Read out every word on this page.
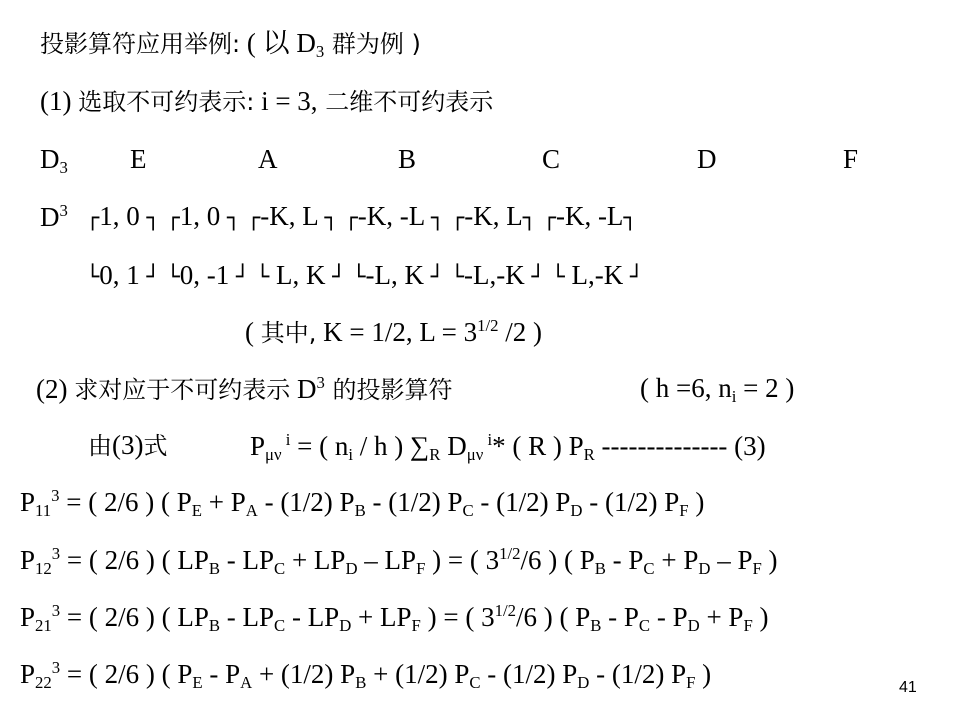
投影算符应用举例: ( 以 $D_3$ 群为例 )
(1) 选取不可约表示: i = 3, 二维不可约表示
$D_3$ E	A	B	C	D	F
$D^3$ ┌1, 0 ┐ ┌1, 0 ┐ ┌-K, L ┐ ┌-K, -L ┐ ┌-K, L┐ ┌-K, -L┐
└0, 1 ┘ └0, -1 ┘ └ L, K ┘ └-L, K ┘ └-L,-K ┘ └ L,-K ┘
( 其中, K = 1/2, $L = 3^{1/2}$ /2 )
(2) 求对应于不可约表示 $D^3$ 的投影算符	( h =6, $n_i = 2$ )
由(3)式	$P_{\mu\nu}$ $^i$ = ( $n_i$ / h ) $\sum_R$ $D_{\mu\nu}$ $^i$* ( R ) $P_R$ -------------- (3)
$P_{11}^3$ = ( 2/6 ) ( $P_E + P_A - (1/2)$ $P_B - (1/2)$ $P_C - (1/2)$ $P_D - (1/2)$ $P_F$ )
$P_{12}^3$ = ( 2/6 ) ( $LP_B - LP_C + LP_D - LP_F$ ) = ( $3^{1/2}/6$ ) ( $P_B - P_C + P_D - P_F$ )
$P_{21}^3$ = ( 2/6 ) ( $LP_B - LP_C - LP_D + LP_F$ ) = ( $3^{1/2}/6$ ) ( $P_B - P_C - P_D + P_F$ )
$P_{22}^3$ = ( 2/6 ) ( $P_E - P_A + (1/2) P_B + (1/2)$ $P_C - (1/2)$ $P_D - (1/2)$ $P_F$ )	41
